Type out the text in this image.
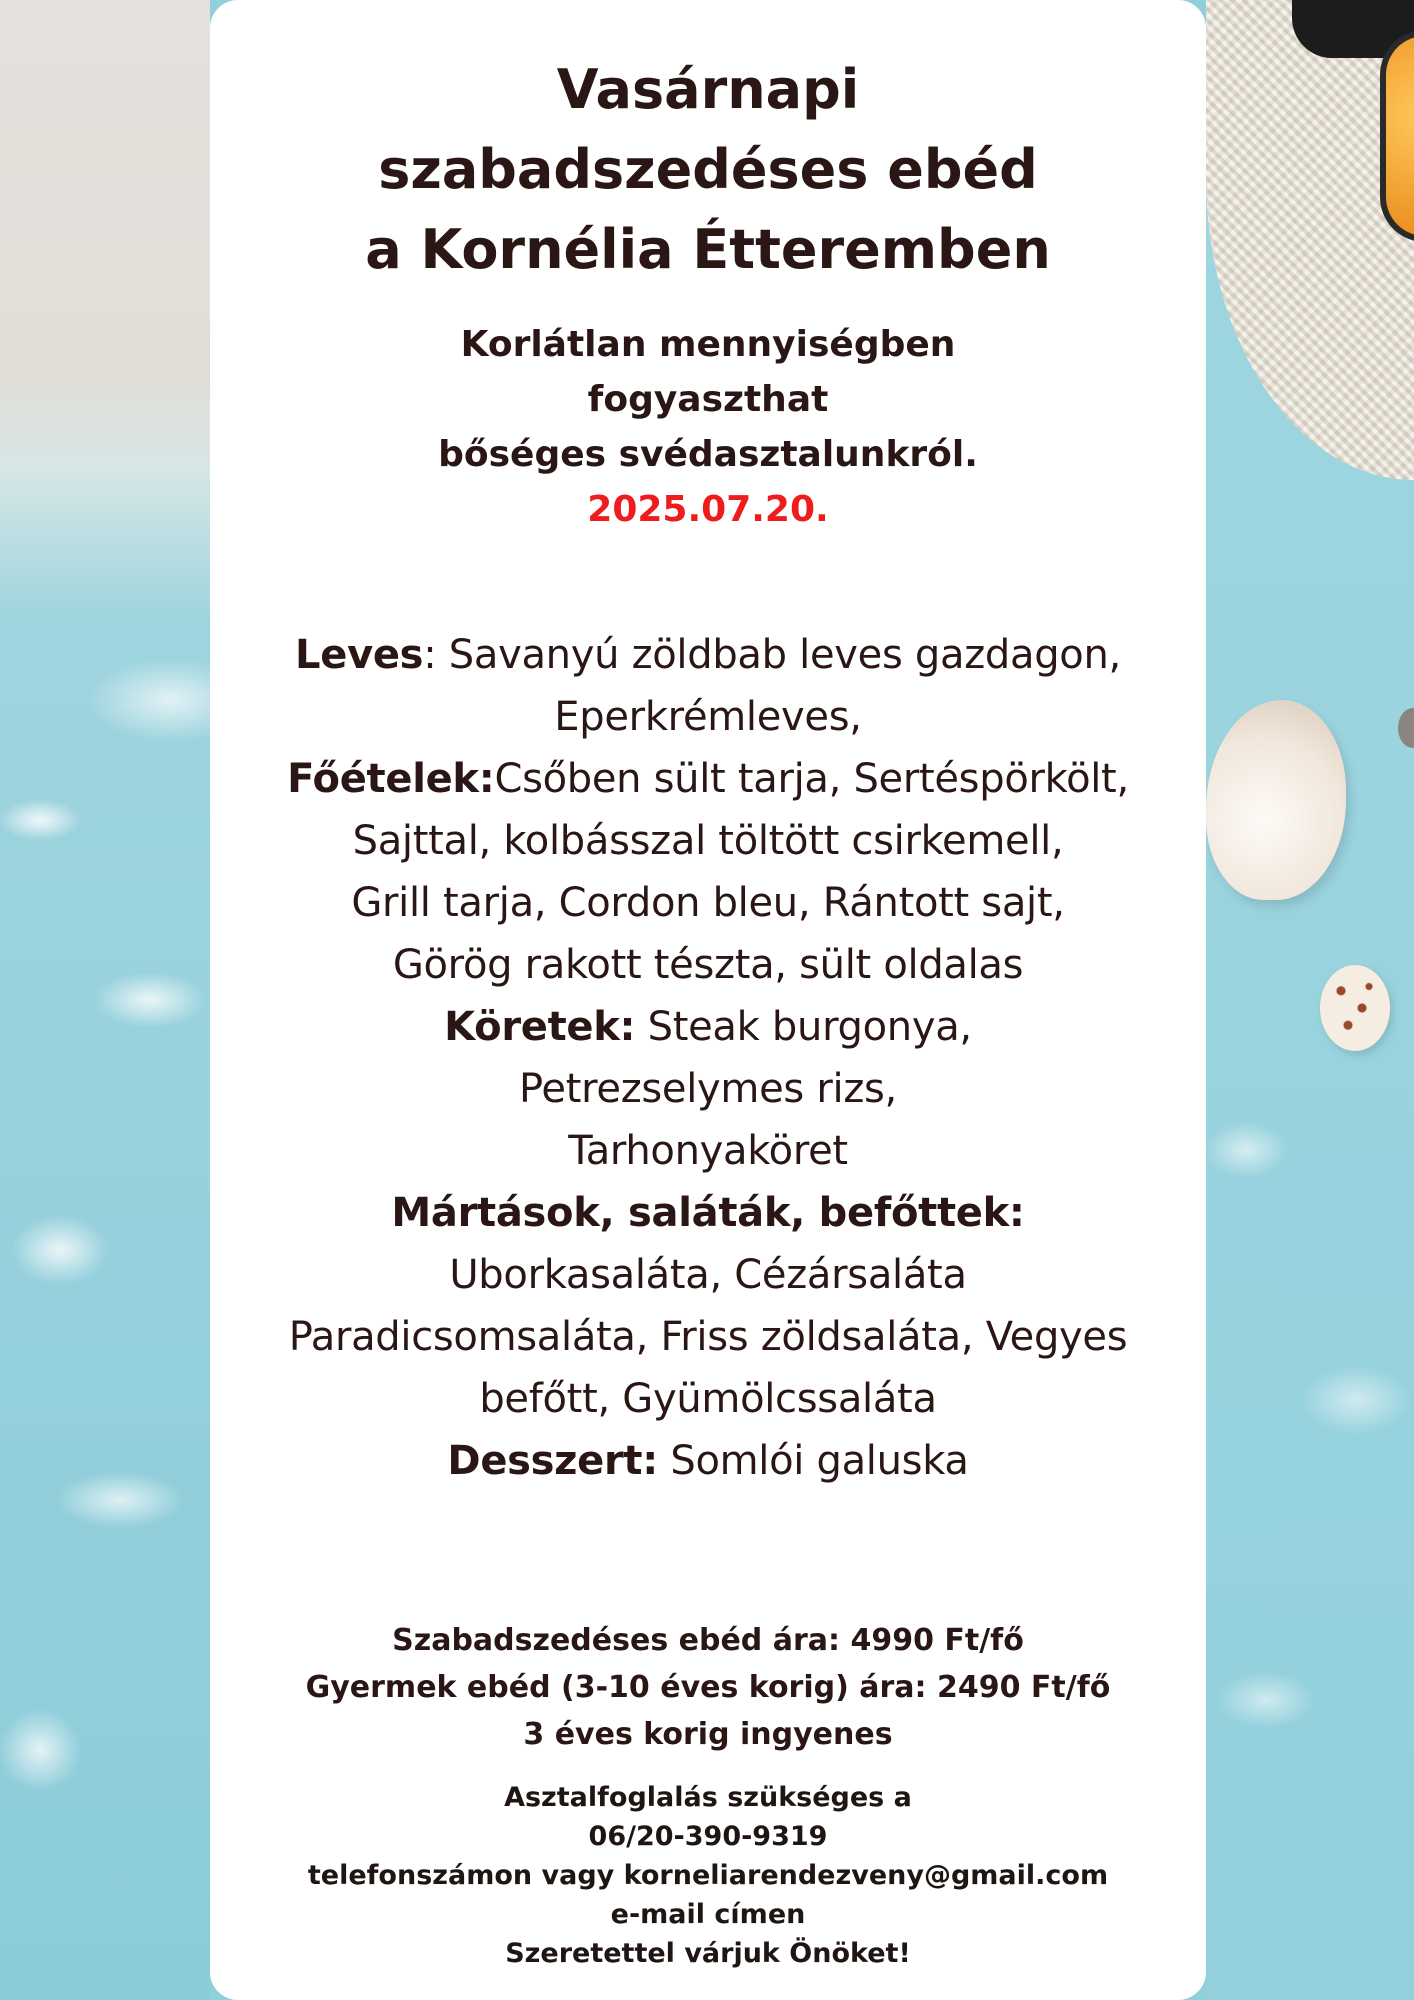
Vasárnapi
szabadszedéses ebéd
a Kornélia Étteremben
Korlátlan mennyiségben
fogyaszthat
bőséges svédasztalunkról.
2025.07.20.
Leves: Savanyú zöldbab leves gazdagon,
Eperkrémleves,
Főételek:Csőben sült tarja, Sertéspörkölt,
Sajttal, kolbásszal töltött csirkemell,
Grill tarja, Cordon bleu, Rántott sajt,
Görög rakott tészta, sült oldalas
Köretek: Steak burgonya,
Petrezselymes rizs,
Tarhonyaköret
Mártások, saláták, befőttek:
Uborkasaláta, Cézársaláta
Paradicsomsaláta, Friss zöldsaláta, Vegyes
befőtt, Gyümölcssaláta
Desszert: Somlói galuska
Szabadszedéses ebéd ára: 4990 Ft/fő
Gyermek ebéd (3-10 éves korig) ára: 2490 Ft/fő
3 éves korig ingyenes
Asztalfoglalás szükséges a
06/20-390-9319
telefonszámon vagy korneliarendezveny@gmail.com
e-mail címen
Szeretettel várjuk Önöket!
